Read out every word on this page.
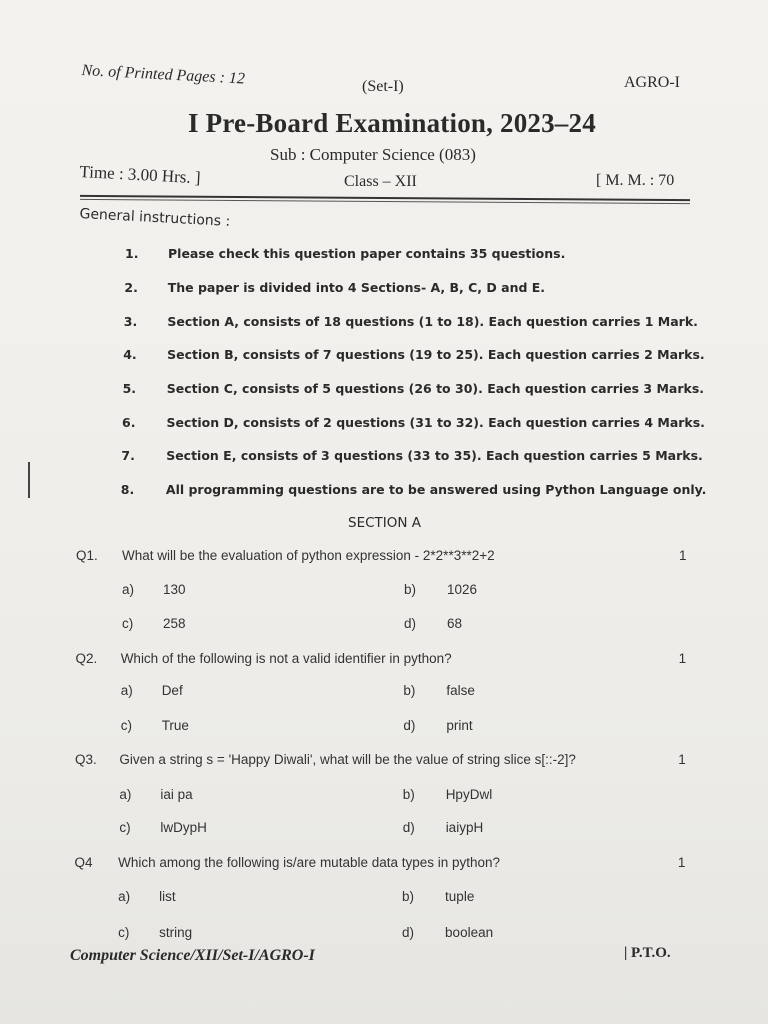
No. of Printed Pages : 12	(Set-I)	AGRO-I
I Pre-Board Examination, 2023–24
Sub : Computer Science (083)
Time : 3.00 Hrs. ]	Class – XII	[ M. M. : 70
General instructions :
1. Please check this question paper contains 35 questions.
2. The paper is divided into 4 Sections- A, B, C, D and E.
3. Section A, consists of 18 questions (1 to 18). Each question carries 1 Mark.
4. Section B, consists of 7 questions (19 to 25). Each question carries 2 Marks.
5. Section C, consists of 5 questions (26 to 30). Each question carries 3 Marks.
6. Section D, consists of 2 questions (31 to 32). Each question carries 4 Marks.
7.	Section E, consists of 3 questions (33 to 35). Each question carries 5 Marks.
8.	All programming questions are to be answered using Python Language only.
SECTION A
Q1. What will be the evaluation of python expression - 2*2**3**2+2	1
a) 130	b) 1026
c) 258	d) 68
Q2. Which of the following is not a valid identifier in python?	1
a) Def	b) false
c) True	d) print
Q3. Given a string s = 'Happy Diwali', what will be the value of string slice s[::-2]?	1
a) iai pa	b) HpyDwl
c) lwDypH	d) iaiypH
Q4 Which among the following is/are mutable data types in python?	1
a) list	b) tuple
c) string	d) boolean
Computer Science/XII/Set-I/AGRO-I	| P.T.O.
